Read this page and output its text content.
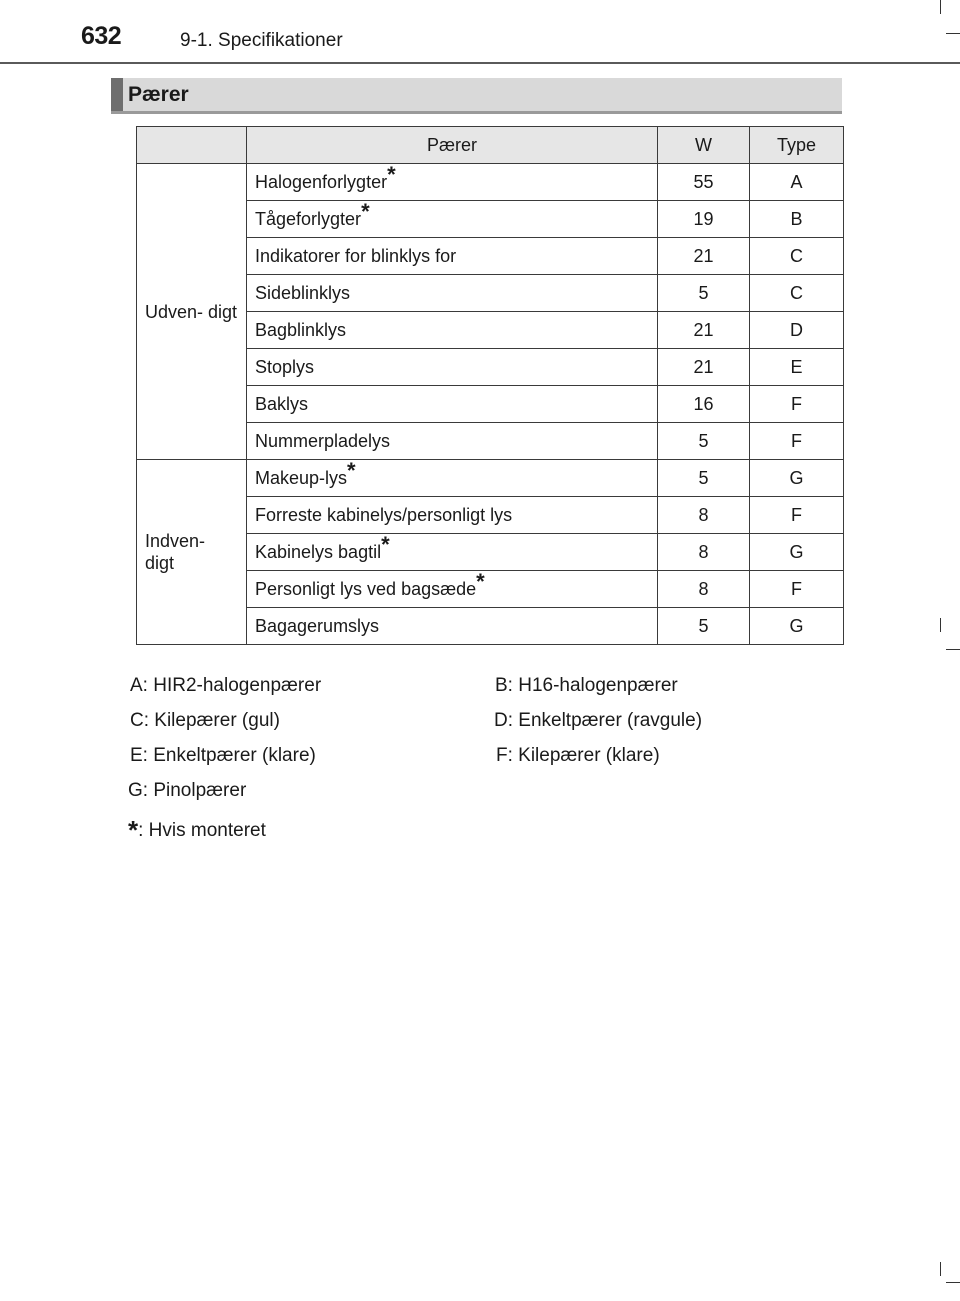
632	9-1. Specifikationer
Pærer
	Pærer	W	Type
Udven- digt	Halogenforlygter*	55	A
	Tågeforlygter*	19	B
	Indikatorer for blinklys for	21	C
	Sideblinklys	5	C
	Bagblinklys	21	D
	Stoplys	21	E
	Baklys	16	F
	Nummerpladelys	5	F
Indven- digt	Makeup-lys*	5	G
	Forreste kabinelys/personligt lys	8	F
	Kabinelys bagtil*	8	G
	Personligt lys ved bagsæde*	8	F
	Bagagerumslys	5	G
A: HIR2-halogenpærer	B: H16-halogenpærer
C: Kilepærer (gul)	D: Enkeltpærer (ravgule)
E: Enkeltpærer (klare)	F: Kilepærer (klare)
G: Pinolpærer
*: Hvis monteret
